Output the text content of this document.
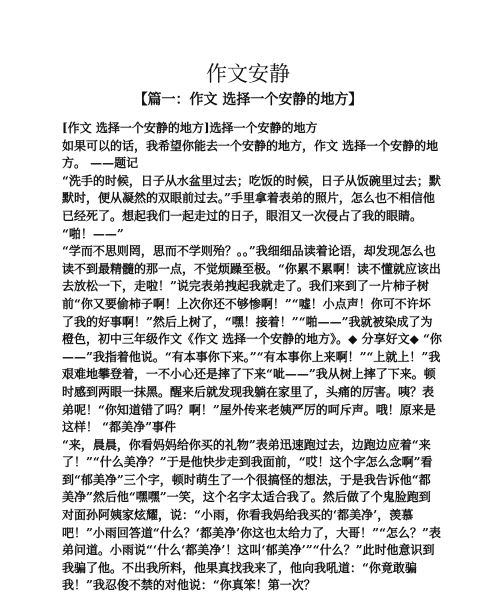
作文安静
【篇一：作文 选择一个安静的地方】

[作文 选择一个安静的地方]选择一个安静的地方

如果可以的话，我希望你能去一个安静的地方，作文 选择一个安静的地方。 ——题记

“洗手的时候，日子从水盆里过去；吃饭的时候，日子从饭碗里过去；默默时，便从凝然的双眼前过去。”手里拿着表弟的照片，怎么也不相信他已经死了。想起我们一起走过的日子，眼泪又一次侵占了我的眼睛。

“啪！——”

“学而不思则罔，思而不学则殆？。。”我细细品读着论语，却发现怎么也读不到最精髓的那一点，不觉烦躁至极。“你累不累啊！读不懂就应该出去放松一下，走啦！”说完表弟拽起我就走了。我们来到了一片柿子树前“你又要偷柿子啊！上次你还不够惨啊！”“嘘！小点声！你可不许坏了我的好事啊！”然后上树了，“嘿！接着！”“啪——”我就被染成了为橙色，初中三年级作文《作文 选择一个安静的地方》。◆ 分享好文◆ “你——”我指着他说。“有本事你下来。”“有本事你上来啊！”“上就上！”我艰难地攀登着，一不小心还是摔了下来“呲——”我从树上摔了下来。顿时感到两眼一抹黑。醒来后就发现我躺在家里了，头痛的厉害。咦？表弟呢！“你知道错了吗？啊！”屋外传来老姨严厉的呵斥声。哦！原来是这样！ “都美净”事件

“来，晨晨，你看妈妈给你买的礼物”表弟迅速跑过去，边跑边应着“来了！”“什么美净？”于是他快步走到我面前，“哎！这个字怎么念啊”看到“郁美净”三个字，顿时萌生了一个很搞怪的想法，于是我告诉他“都美净”然后他“嘿嘿”一笑，这个名字太适合我了。然后做了个鬼脸跑到对面孙阿姨家炫耀，说：“小雨，你看我妈给我买的‘都美净’，羡慕吧！”小雨回答道“什么？‘都美净’你这也太给力了，大哥！”“怎么？”表弟问道。小雨说“‘什么‘都美净’！这叫‘郁美净’”“什么？”此时他意识到我骗了他。不出我所料，他果真找我来了，他向我吼道：“你竟敢骗我！”我忍俊不禁的对他说：“你真笨！第一次？
